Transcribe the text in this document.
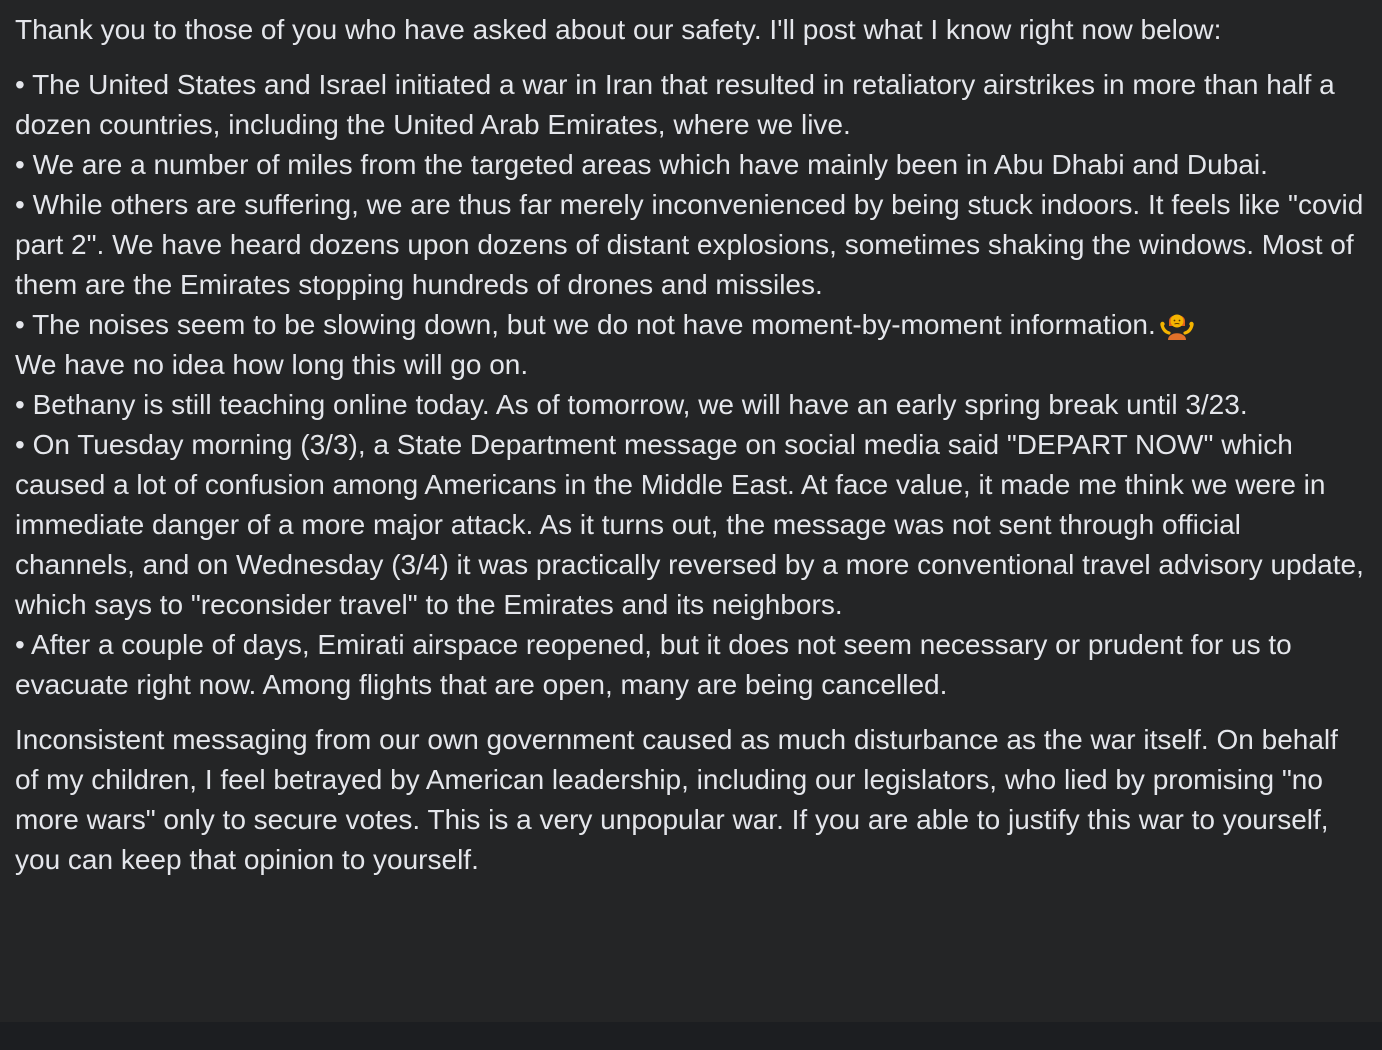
Thank you to those of you who have asked about our safety. I'll post what I know right now below:

• The United States and Israel initiated a war in Iran that resulted in retaliatory airstrikes in more than half a dozen countries, including the United Arab Emirates, where we live.

• We are a number of miles from the targeted areas which have mainly been in Abu Dhabi and Dubai.

• While others are suffering, we are thus far merely inconvenienced by being stuck indoors. It feels like "covid part 2". We have heard dozens upon dozens of distant explosions, sometimes shaking the windows. Most of them are the Emirates stopping hundreds of drones and missiles.

• The noises seem to be slowing down, but we do not have moment-by-moment information.

We have no idea how long this will go on.

• Bethany is still teaching online today. As of tomorrow, we will have an early spring break until 3/23.

• On Tuesday morning (3/3), a State Department message on social media said "DEPART NOW" which caused a lot of confusion among Americans in the Middle East. At face value, it made me think we were in immediate danger of a more major attack. As it turns out, the message was not sent through official channels, and on Wednesday (3/4) it was practically reversed by a more conventional travel advisory update, which says to "reconsider travel" to the Emirates and its neighbors.

• After a couple of days, Emirati airspace reopened, but it does not seem necessary or prudent for us to evacuate right now. Among flights that are open, many are being cancelled.

Inconsistent messaging from our own government caused as much disturbance as the war itself. On behalf of my children, I feel betrayed by American leadership, including our legislators, who lied by promising "no more wars" only to secure votes. This is a very unpopular war. If you are able to justify this war to yourself, you can keep that opinion to yourself.
